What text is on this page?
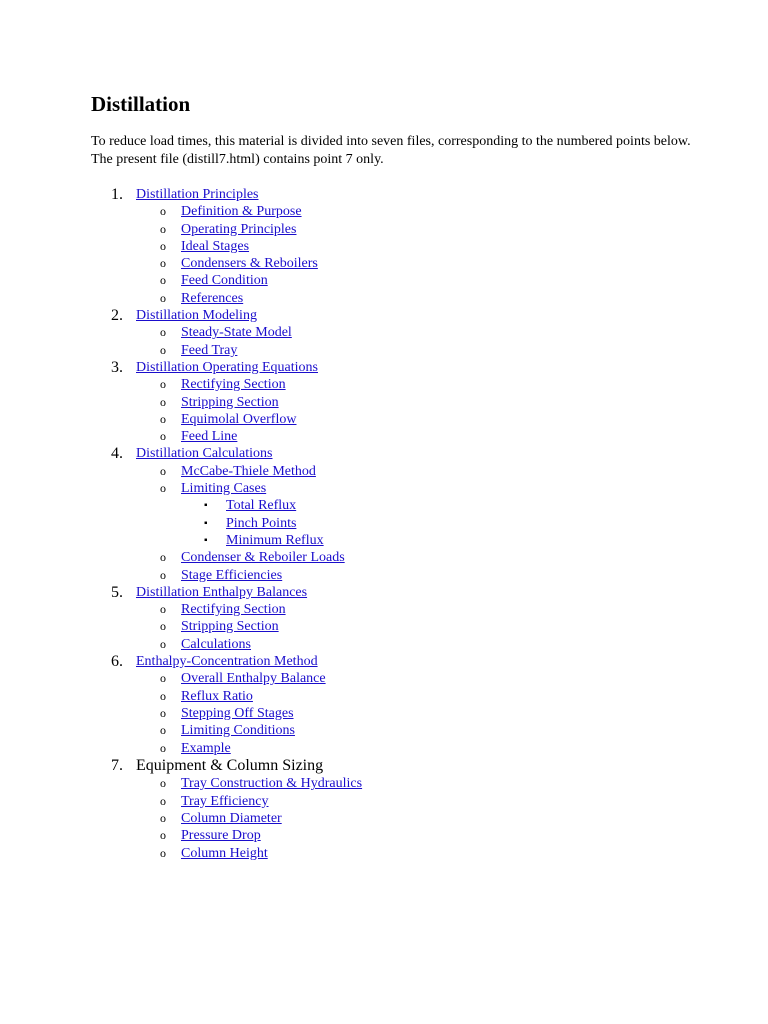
Distillation

To reduce load times, this material is divided into seven files, corresponding to the numbered points below. The present file (distill7.html) contains point 7 only.

1. Distillation Principles
o Definition & Purpose
o Operating Principles
o Ideal Stages
o Condensers & Reboilers
o Feed Condition
o References
2. Distillation Modeling
o Steady-State Model
o Feed Tray
3. Distillation Operating Equations
o Rectifying Section
o Stripping Section
o Equimolal Overflow
o Feed Line
4. Distillation Calculations
o McCabe-Thiele Method
o Limiting Cases
▪ Total Reflux
▪ Pinch Points
▪ Minimum Reflux
o Condenser & Reboiler Loads
o Stage Efficiencies
5. Distillation Enthalpy Balances
o Rectifying Section
o Stripping Section
o Calculations
6. Enthalpy-Concentration Method
o Overall Enthalpy Balance
o Reflux Ratio
o Stepping Off Stages
o Limiting Conditions
o Example
7. Equipment & Column Sizing
o Tray Construction & Hydraulics
o Tray Efficiency
o Column Diameter
o Pressure Drop
o Column Height
